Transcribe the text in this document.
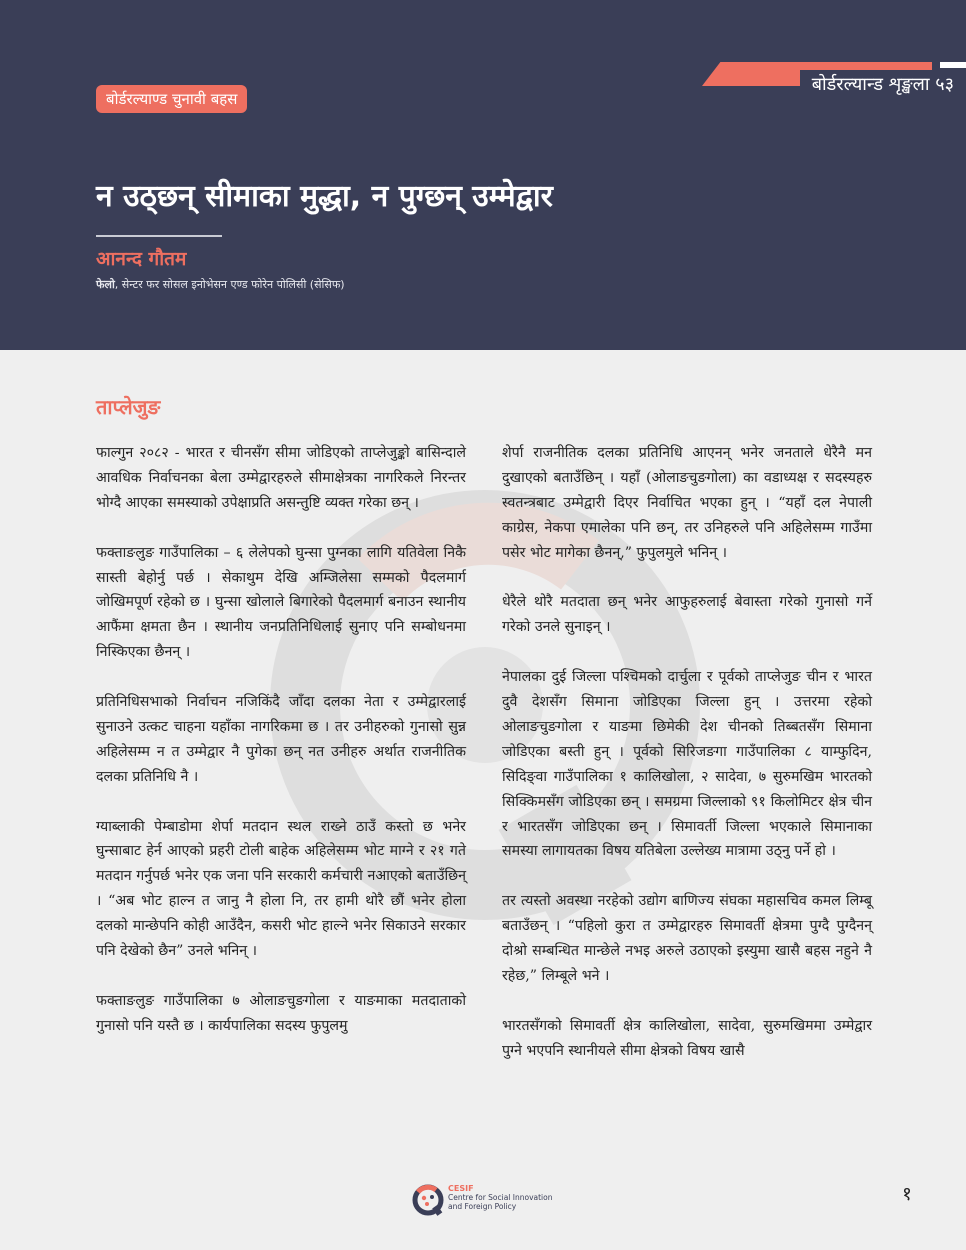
बोर्डरल्याण्ड चुनावी बहस
बोर्डरल्यान्ड शृङ्खला ५३
न उठ्छन् सीमाका मुद्धा, न पुग्छन् उम्मेद्वार
आनन्द गौतम
फेलो, सेन्टर फर सोसल इनोभेसन एण्ड फोरेन पोलिसी (सेसिफ)
ताप्लेजुङ

फाल्गुन २०८२ - भारत र चीनसँग सीमा जोडिएको ताप्लेजुङ्को बासिन्दाले आवधिक निर्वाचनका बेला उम्मेद्वारहरुले सीमाक्षेत्रका नागरिकले निरन्तर भोग्दै आएका समस्याको उपेक्षाप्रति असन्तुष्टि व्यक्त गरेका छन् ।

फक्ताङलुङ गाउँपालिका – ६ लेलेपको घुन्सा पुग्नका लागि यतिवेला निकै सास्ती बेहोर्नु पर्छ । सेकाथुम देखि अम्जिलेसा सम्मको पैदलमार्ग जोखिमपूर्ण रहेको छ । घुन्सा खोलाले बिगारेको पैदलमार्ग बनाउन स्थानीय आफैंमा क्षमता छैन । स्थानीय जनप्रतिनिधिलाई सुनाए पनि सम्बोधनमा निस्किएका छैनन् ।

प्रतिनिधिसभाको निर्वाचन नजिकिंदै जाँदा दलका नेता र उम्मेद्वारलाई सुनाउने उत्कट चाहना यहाँका नागरिकमा छ । तर उनीहरुको गुनासो सुन्न अहिलेसम्म न त उम्मेद्वार नै पुगेका छन् नत उनीहरु अर्थात राजनीतिक दलका प्रतिनिधि नै ।

ग्याब्लाकी पेम्बाडोमा शेर्पा मतदान स्थल राख्ने ठाउँ कस्तो छ भनेर घुन्साबाट हेर्न आएको प्रहरी टोली बाहेक अहिलेसम्म भोट माग्ने र २१ गते मतदान गर्नुपर्छ भनेर एक जना पनि सरकारी कर्मचारी नआएको बताउँछिन् । “अब भोट हाल्न त जानु नै होला नि, तर हामी थोरै छौं भनेर होला दलको मान्छेपनि कोही आउँदैन, कसरी भोट हाल्ने भनेर सिकाउने सरकार पनि देखेको छैन” उनले भनिन् ।

फक्ताङलुङ गाउँपालिका ७ ओलाङचुङगोला र याङमाका मतदाताको गुनासो पनि यस्तै छ । कार्यपालिका सदस्य फुपुलमु

शेर्पा राजनीतिक दलका प्रतिनिधि आएनन् भनेर जनताले धेरैनै मन दुखाएको बताउँछिन् । यहाँ (ओलाङचुङगोला) का वडाध्यक्ष र सदस्यहरु स्वतन्त्रबाट उम्मेद्वारी दिएर निर्वाचित भएका हुन् । “यहाँ दल नेपाली काग्रेस, नेकपा एमालेका पनि छन्, तर उनिहरुले पनि अहिलेसम्म गाउँमा पसेर भोट मागेका छैनन्,” फुपुलमुले भनिन् ।

धेरैले थोरै मतदाता छन् भनेर आफुहरुलाई बेवास्ता गरेको गुनासो गर्ने गरेको उनले सुनाइन् ।

नेपालका दुई जिल्ला पश्चिमको दार्चुला र पूर्वको ताप्लेजुङ चीन र भारत दुवै देशसँग सिमाना जोडिएका जिल्ला हुन् । उत्तरमा रहेको ओलाङचुङगोला र याङमा छिमेकी देश चीनको तिब्बतसँग सिमाना जोडिएका बस्ती हुन् । पूर्वको सिरिजङगा गाउँपालिका ८ याम्फुदिन, सिदिङ्वा गाउँपालिका १ कालिखोला, २ सादेवा, ७ सुरुमखिम भारतको सिक्किमसँग जोडिएका छन् । समग्रमा जिल्लाको ९१ किलोमिटर क्षेत्र चीन र भारतसँग जोडिएका छन् । सिमावर्ती जिल्ला भएकाले सिमानाका समस्या लागायतका विषय यतिबेला उल्लेख्य मात्रामा उठ्नु पर्ने हो ।

तर त्यस्तो अवस्था नरहेको उद्योग बाणिज्य संघका महासचिव कमल लिम्बू बताउँछन् । “पहिलो कुरा त उम्मेद्वारहरु सिमावर्ती क्षेत्रमा पुग्दै पुग्दैनन् दोश्रो सम्बन्धित मान्छेले नभइ अरुले उठाएको इस्युमा खासै बहस नहुने नै रहेछ,” लिम्बूले भने ।

भारतसँगको सिमावर्ती क्षेत्र कालिखोला, सादेवा, सुरुमखिममा उम्मेद्वार पुग्ने भएपनि स्थानीयले सीमा क्षेत्रको विषय खासै

CESIF
Centre for Social Innovation
and Foreign Policy
१
